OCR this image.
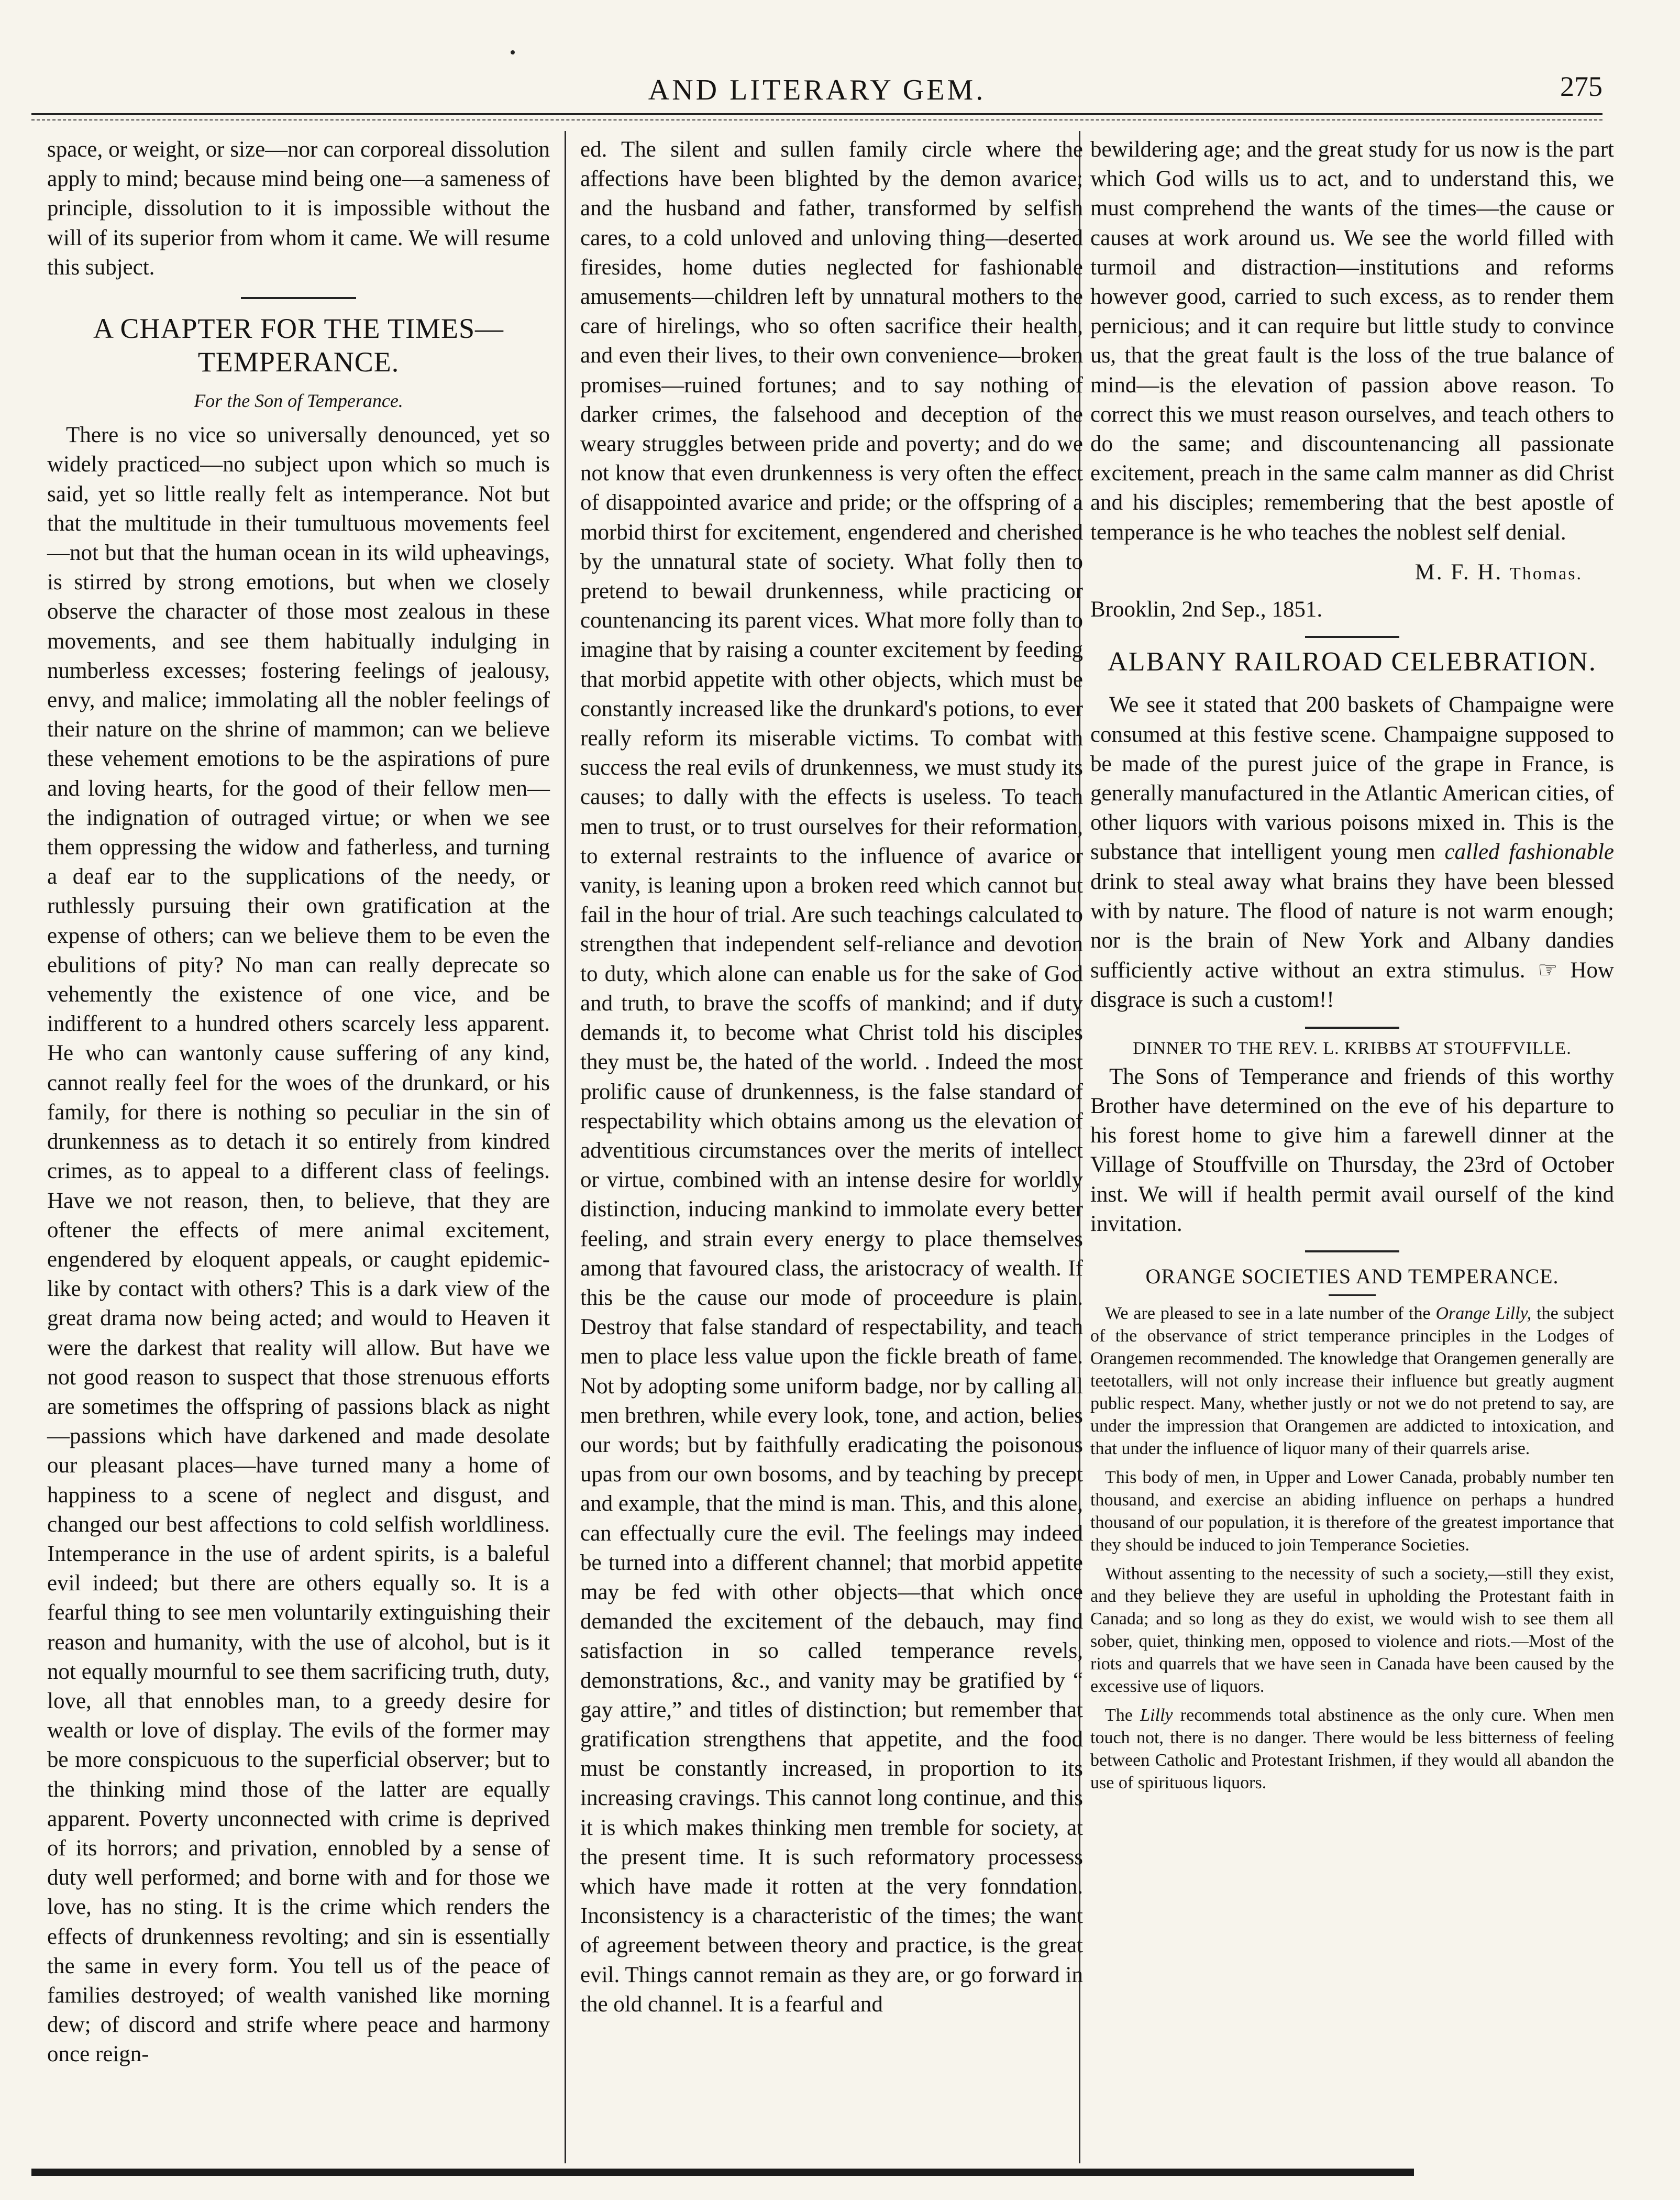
AND LITERARY GEM.	275

space, or weight, or size—nor can corporeal dissolution apply to mind; because mind being one—a sameness of principle, dissolution to it is impossible without the will of its superior from whom it came. We will resume this subject.

A CHAPTER FOR THE TIMES— TEMPERANCE.
For the Son of Temperance.

There is no vice so universally denounced, yet so widely practiced—no subject upon which so much is said, yet so little really felt as intemperance. Not but that the multitude in their tumultuous movements feel—not but that the human ocean in its wild upheavings, is stirred by strong emotions, but when we closely observe the character of those most zealous in these movements, and see them habitually indulging in numberless excesses; fostering feelings of jealousy, envy, and malice; immolating all the nobler feelings of their nature on the shrine of mammon; can we believe these vehement emotions to be the aspirations of pure and loving hearts, for the good of their fellow men—the indignation of outraged virtue; or when we see them oppressing the widow and fatherless, and turning a deaf ear to the supplications of the needy, or ruthlessly pursuing their own gratification at the expense of others; can we believe them to be even the ebulitions of pity? No man can really deprecate so vehemently the existence of one vice, and be indifferent to a hundred others scarcely less apparent. He who can wantonly cause suffering of any kind, cannot really feel for the woes of the drunkard, or his family, for there is nothing so peculiar in the sin of drunkenness as to detach it so entirely from kindred crimes, as to appeal to a different class of feelings. Have we not reason, then, to believe, that they are oftener the effects of mere animal excitement, engendered by eloquent appeals, or caught epidemic-like by contact with others? This is a dark view of the great drama now being acted; and would to Heaven it were the darkest that reality will allow. But have we not good reason to suspect that those strenuous efforts are sometimes the offspring of passions black as night—passions which have darkened and made desolate our pleasant places—have turned many a home of happiness to a scene of neglect and disgust, and changed our best affections to cold selfish worldliness. Intemperance in the use of ardent spirits, is a baleful evil indeed; but there are others equally so. It is a fearful thing to see men voluntarily extinguishing their reason and humanity, with the use of alcohol, but is it not equally mournful to see them sacrificing truth, duty, love, all that ennobles man, to a greedy desire for wealth or love of display. The evils of the former may be more conspicuous to the superficial observer; but to the thinking mind those of the latter are equally apparent. Poverty unconnected with crime is deprived of its horrors; and privation, ennobled by a sense of duty well performed; and borne with and for those we love, has no sting. It is the crime which renders the effects of drunkenness revolting; and sin is essentially the same in every form. You tell us of the peace of families destroyed; of wealth vanished like morning dew; of discord and strife where peace and harmony once reign-

ed. The silent and sullen family circle where the affections have been blighted by the demon avarice; and the husband and father, transformed by selfish cares, to a cold unloved and unloving thing—deserted firesides, home duties neglected for fashionable amusements—children left by unnatural mothers to the care of hirelings, who so often sacrifice their health, and even their lives, to their own convenience—broken promises—ruined fortunes; and to say nothing of darker crimes, the falsehood and deception of the weary struggles between pride and poverty; and do we not know that even drunkenness is very often the effect of disappointed avarice and pride; or the offspring of a morbid thirst for excitement, engendered and cherished by the unnatural state of society. What folly then to pretend to bewail drunkenness, while practicing or countenancing its parent vices. What more folly than to imagine that by raising a counter excitement by feeding that morbid appetite with other objects, which must be constantly increased like the drunkard's potions, to ever really reform its miserable victims. To combat with success the real evils of drunkenness, we must study its causes; to dally with the effects is useless. To teach men to trust, or to trust ourselves for their reformation, to external restraints to the influence of avarice or vanity, is leaning upon a broken reed which cannot but fail in the hour of trial. Are such teachings calculated to strengthen that independent self-reliance and devotion to duty, which alone can enable us for the sake of God and truth, to brave the scoffs of mankind; and if duty demands it, to become what Christ told his disciples they must be, the hated of the world. . Indeed the most prolific cause of drunkenness, is the false standard of respectability which obtains among us the elevation of adventitious circumstances over the merits of intellect or virtue, combined with an intense desire for worldly distinction, inducing mankind to immolate every better feeling, and strain every energy to place themselves among that favoured class, the aristocracy of wealth. If this be the cause our mode of proceedure is plain. Destroy that false standard of respectability, and teach men to place less value upon the fickle breath of fame. Not by adopting some uniform badge, nor by calling all men brethren, while every look, tone, and action, belies our words; but by faithfully eradicating the poisonous upas from our own bosoms, and by teaching by precept and example, that the mind is man. This, and this alone, can effectually cure the evil. The feelings may indeed be turned into a different channel; that morbid appetite may be fed with other objects—that which once demanded the excitement of the debauch, may find satisfaction in so called temperance revels, demonstrations, &c., and vanity may be gratified by “ gay attire,” and titles of distinction; but remember that gratification strengthens that appetite, and the food must be constantly increased, in proportion to its increasing cravings. This cannot long continue, and this it is which makes thinking men tremble for society, at the present time. It is such reformatory processess which have made it rotten at the very fonndation. Inconsistency is a characteristic of the times; the want of agreement between theory and practice, is the great evil. Things cannot remain as they are, or go forward in the old channel. It is a fearful and

bewildering age; and the great study for us now is the part which God wills us to act, and to understand this, we must comprehend the wants of the times—the cause or causes at work around us. We see the world filled with turmoil and distraction—institutions and reforms however good, carried to such excess, as to render them pernicious; and it can require but little study to convince us, that the great fault is the loss of the true balance of mind—is the elevation of passion above reason. To correct this we must reason ourselves, and teach others to do the same; and discountenancing all passionate excitement, preach in the same calm manner as did Christ and his disciples; remembering that the best apostle of temperance is he who teaches the noblest self denial.

M. F. H. Thomas.

Brooklin, 2nd Sep., 1851.

ALBANY RAILROAD CELEBRATION.

We see it stated that 200 baskets of Champaigne were consumed at this festive scene. Champaigne supposed to be made of the purest juice of the grape in France, is generally manufactured in the Atlantic American cities, of other liquors with various poisons mixed in. This is the substance that intelligent young men called fashionable drink to steal away what brains they have been blessed with by nature. The flood of nature is not warm enough; nor is the brain of New York and Albany dandies sufficiently active without an extra stimulus. ☞ How disgrace is such a custom!!

DINNER TO THE REV. L. KRIBBS AT STOUFFVILLE.

The Sons of Temperance and friends of this worthy Brother have determined on the eve of his departure to his forest home to give him a farewell dinner at the Village of Stouffville on Thursday, the 23rd of October inst. We will if health permit avail ourself of the kind invitation.

ORANGE SOCIETIES AND TEMPERANCE.

We are pleased to see in a late number of the Orange Lilly, the subject of the observance of strict temperance principles in the Lodges of Orangemen recommended. The knowledge that Orangemen generally are teetotallers, will not only increase their influence but greatly augment public respect. Many, whether justly or not we do not pretend to say, are under the impression that Orangemen are addicted to intoxication, and that under the influence of liquor many of their quarrels arise.

This body of men, in Upper and Lower Canada, probably number ten thousand, and exercise an abiding influence on perhaps a hundred thousand of our population, it is therefore of the greatest importance that they should be induced to join Temperance Societies.

Without assenting to the necessity of such a society,—still they exist, and they believe they are useful in upholding the Protestant faith in Canada; and so long as they do exist, we would wish to see them all sober, quiet, thinking men, opposed to violence and riots.—Most of the riots and quarrels that we have seen in Canada have been caused by the excessive use of liquors.

The Lilly recommends total abstinence as the only cure. When men touch not, there is no danger. There would be less bitterness of feeling between Catholic and Protestant Irishmen, if they would all abandon the use of spirituous liquors.
